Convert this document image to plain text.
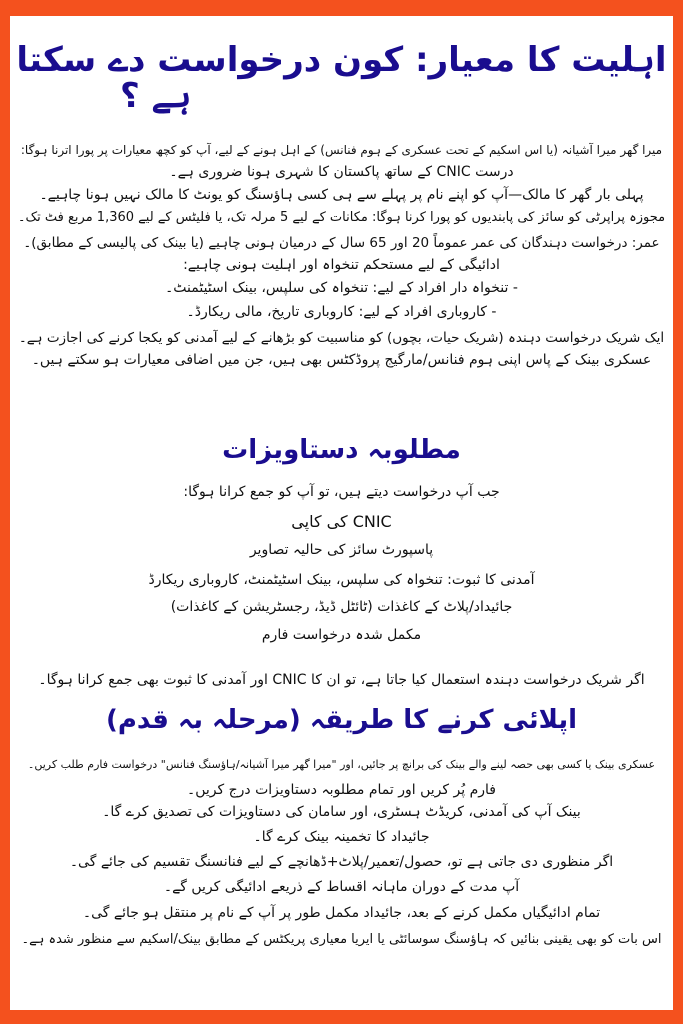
اہلیت کا معیار: کون درخواست دے سکتا
ہے ؟
میرا گھر میرا آشیانہ (یا اس اسکیم کے تحت عسکری کے ہوم فنانس) کے اہل ہونے کے لیے، آپ کو کچھ معیارات پر پورا اترنا ہوگا:
درست CNIC کے ساتھ پاکستان کا شہری ہونا ضروری ہے۔
پہلی بار گھر کا مالک—آپ کو اپنے نام پر پہلے سے ہی کسی ہاؤسنگ کو یونٹ کا مالک نہیں ہونا چاہیے۔
مجوزہ پراپرٹی کو سائز کی پابندیوں کو پورا کرنا ہوگا: مکانات کے لیے 5 مرلہ تک، یا فلیٹس کے لیے 1,360 مربع فٹ تک۔
عمر: درخواست دہندگان کی عمر عموماً 20 اور 65 سال کے درمیان ہونی چاہیے (یا بینک کی پالیسی کے مطابق)۔
ادائیگی کے لیے مستحکم تنخواہ اور اہلیت ہونی چاہیے:
- تنخواہ دار افراد کے لیے: تنخواہ کی سلپس، بینک اسٹیٹمنٹ۔
- کاروباری افراد کے لیے: کاروباری تاریخ، مالی ریکارڈ۔
ایک شریک درخواست دہندہ (شریک حیات، بچوں) کو مناسبیت کو بڑھانے کے لیے آمدنی کو یکجا کرنے کی اجازت ہے۔
عسکری بینک کے پاس اپنی ہوم فنانس/مارگیج پروڈکٹس بھی ہیں، جن میں اضافی معیارات ہو سکتے ہیں۔
مطلوبہ دستاویزات
جب آپ درخواست دیتے ہیں، تو آپ کو جمع کرانا ہوگا:
CNIC کی کاپی
پاسپورٹ سائز کی حالیہ تصاویر
آمدنی کا ثبوت: تنخواہ کی سلپس، بینک اسٹیٹمنٹ، کاروباری ریکارڈ
جائیداد/پلاٹ کے کاغذات (ٹائٹل ڈیڈ، رجسٹریشن کے کاغذات)
مکمل شدہ درخواست فارم
اگر شریک درخواست دہندہ استعمال کیا جاتا ہے، تو ان کا CNIC اور آمدنی کا ثبوت بھی جمع کرانا ہوگا۔
اپلائی کرنے کا طریقہ (مرحلہ بہ قدم)
عسکری بینک یا کسی بھی حصہ لینے والے بینک کی برانچ پر جائیں، اور "میرا گھر میرا آشیانہ/ہاؤسنگ فنانس" درخواست فارم طلب کریں۔
فارم پُر کریں اور تمام مطلوبہ دستاویزات درج کریں۔
بینک آپ کی آمدنی، کریڈٹ ہسٹری، اور سامان کی دستاویزات کی تصدیق کرے گا۔
جائیداد کا تخمینہ بینک کرے گا۔
اگر منظوری دی جاتی ہے تو، حصول/تعمیر/پلاٹ+ڈھانچے کے لیے فنانسنگ تقسیم کی جائے گی۔
آپ مدت کے دوران ماہانہ اقساط کے ذریعے ادائیگی کریں گے۔
تمام ادائیگیاں مکمل کرنے کے بعد، جائیداد مکمل طور پر آپ کے نام پر منتقل ہو جائے گی۔
اس بات کو بھی یقینی بنائیں کہ ہاؤسنگ سوسائٹی یا ایریا معیاری پریکٹس کے مطابق بینک/اسکیم سے منظور شدہ ہے۔
